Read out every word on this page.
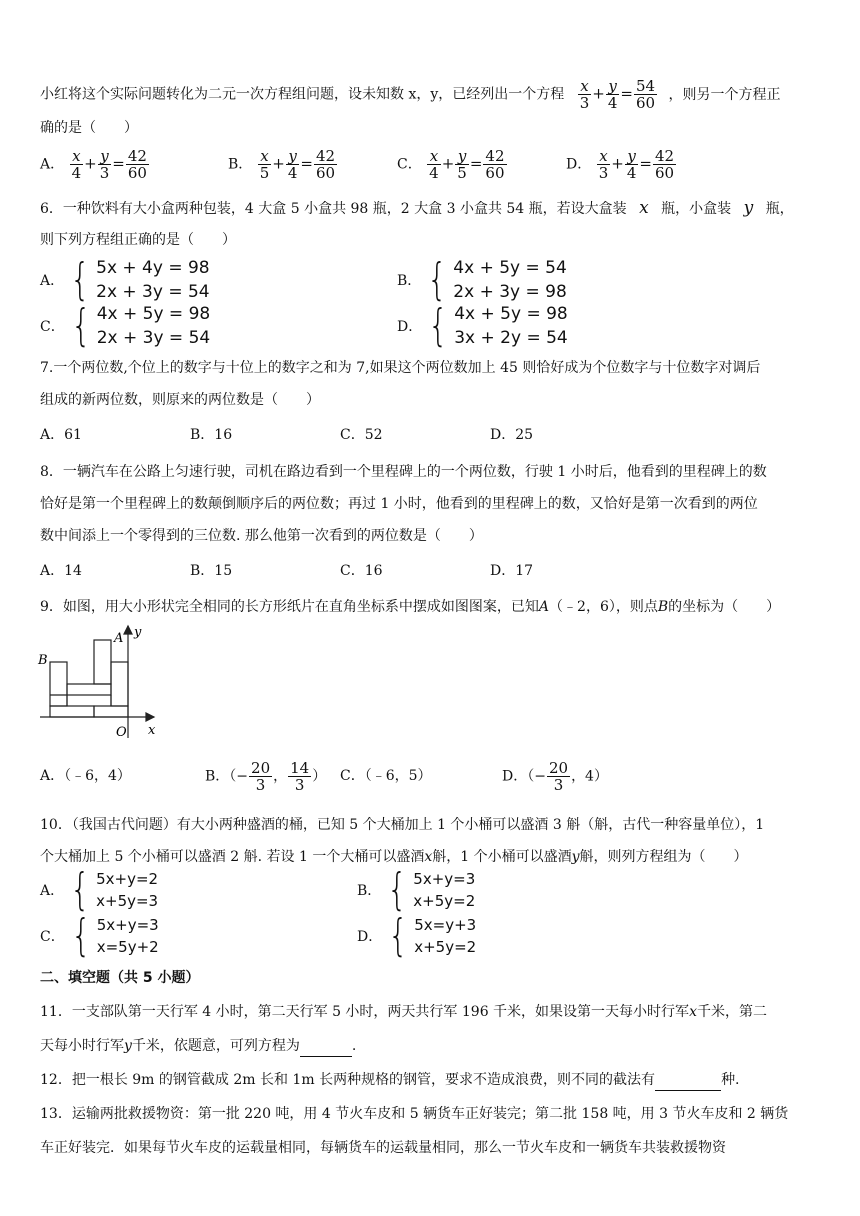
小红将这个实际问题转化为二元一次方程组问题，设未知数 x，y，已经列出一个方程 $\frac{x}{3} + \frac{y}{4} = \frac{54}{60}$ ，则另一个方程正
确的是（　　）
A． $\frac{x}{4} + \frac{y}{3} = \frac{42}{60}$	B． $\frac{x}{5} + \frac{y}{4} = \frac{42}{60}$	C． $\frac{x}{4} + \frac{y}{5} = \frac{42}{60}$	D． $\frac{x}{3} + \frac{y}{4} = \frac{42}{60}$
6．一种饮料有大小盒两种包装，4 大盒 5 小盒共 98 瓶，2 大盒 3 小盒共 54 瓶，若设大盒装 x 瓶，小盒装 y 瓶，
则下列方程组正确的是（　　）
A． { 5x + 4y = 98
2x + 3y = 54
B． { 4x + 5y = 54
2x + 3y = 98
C． { 4x + 5y = 98
2x + 3y = 54
D． { 4x + 5y = 98
3x + 2y = 54
7.一个两位数,个位上的数字与十位上的数字之和为 7,如果这个两位数加上 45 则恰好成为个位数字与十位数字对调后
组成的新两位数，则原来的两位数是（　　）
A．61	B．16	C．52	D．25
8．一辆汽车在公路上匀速行驶，司机在路边看到一个里程碑上的一个两位数，行驶 1 小时后，他看到的里程碑上的数
恰好是第一个里程碑上的数颠倒顺序后的两位数；再过 1 小时，他看到的里程碑上的数，又恰好是第一次看到的两位
数中间添上一个零得到的三位数. 那么他第一次看到的两位数是（　　）
A．14	B．15	C．16	D．17
9．如图，用大小形状完全相同的长方形纸片在直角坐标系中摆成如图图案，已知A（﹣2，6），则点B的坐标为（　　）
A
B
O x
y
A．（﹣6，4）	B．（− $\frac{20}{3}$ ， $\frac{14}{3}$ ） C．（﹣6，5）	D．（− $\frac{20}{3}$ ，4）
10．（我国古代问题）有大小两种盛酒的桶，已知 5 个大桶加上 1 个小桶可以盛酒 3 斛（斛，古代一种容量单位），1
个大桶加上 5 个小桶可以盛酒 2 斛. 若设 1 一个大桶可以盛酒x斛，1 个小桶可以盛酒y斛，则列方程组为（　　）
A． { 5x+y=2
x+5y=3
B． { 5x+y=3
x+5y=2
C． { 5x+y=3
x=5y+2
D． { 5x=y+3
x+5y=2
二、填空题（共 5 小题）
11．一支部队第一天行军 4 小时，第二天行军 5 小时，两天共行军 196 千米，如果设第一天每小时行军x千米，第二
天每小时行军y千米，依题意，可列方程为	.
12．把一根长 9m 的钢管截成 2m 长和 1m 长两种规格的钢管，要求不造成浪费，则不同的截法有	种.
13．运输两批救援物资：第一批 220 吨，用 4 节火车皮和 5 辆货车正好装完；第二批 158 吨，用 3 节火车皮和 2 辆货
车正好装完．如果每节火车皮的运载量相同，每辆货车的运载量相同，那么一节火车皮和一辆货车共装救援物资
